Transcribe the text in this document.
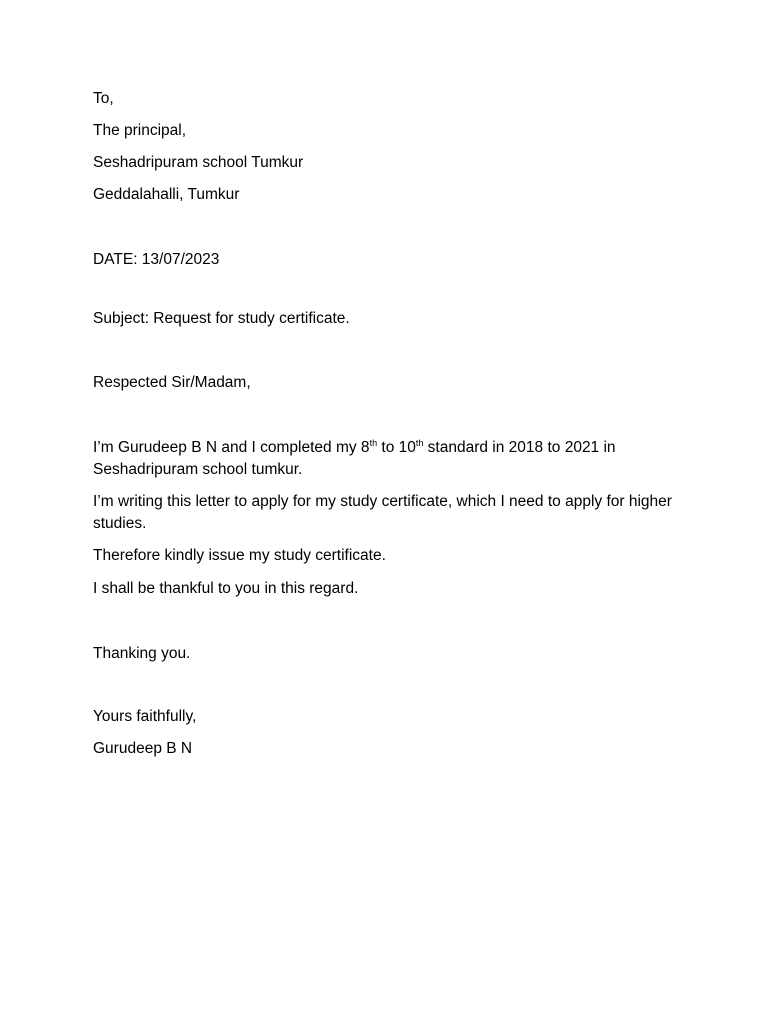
To,
The principal,
Seshadripuram school Tumkur
Geddalahalli, Tumkur
DATE: 13/07/2023
Subject: Request for study certificate.
Respected Sir/Madam,
I’m Gurudeep B N and I completed my 8th to 10th standard in 2018 to 2021 in Seshadripuram school tumkur.
I’m writing this letter to apply for my study certificate, which I need to apply for higher studies.
Therefore kindly issue my study certificate.
I shall be thankful to you in this regard.
Thanking you.
Yours faithfully,
Gurudeep B N
